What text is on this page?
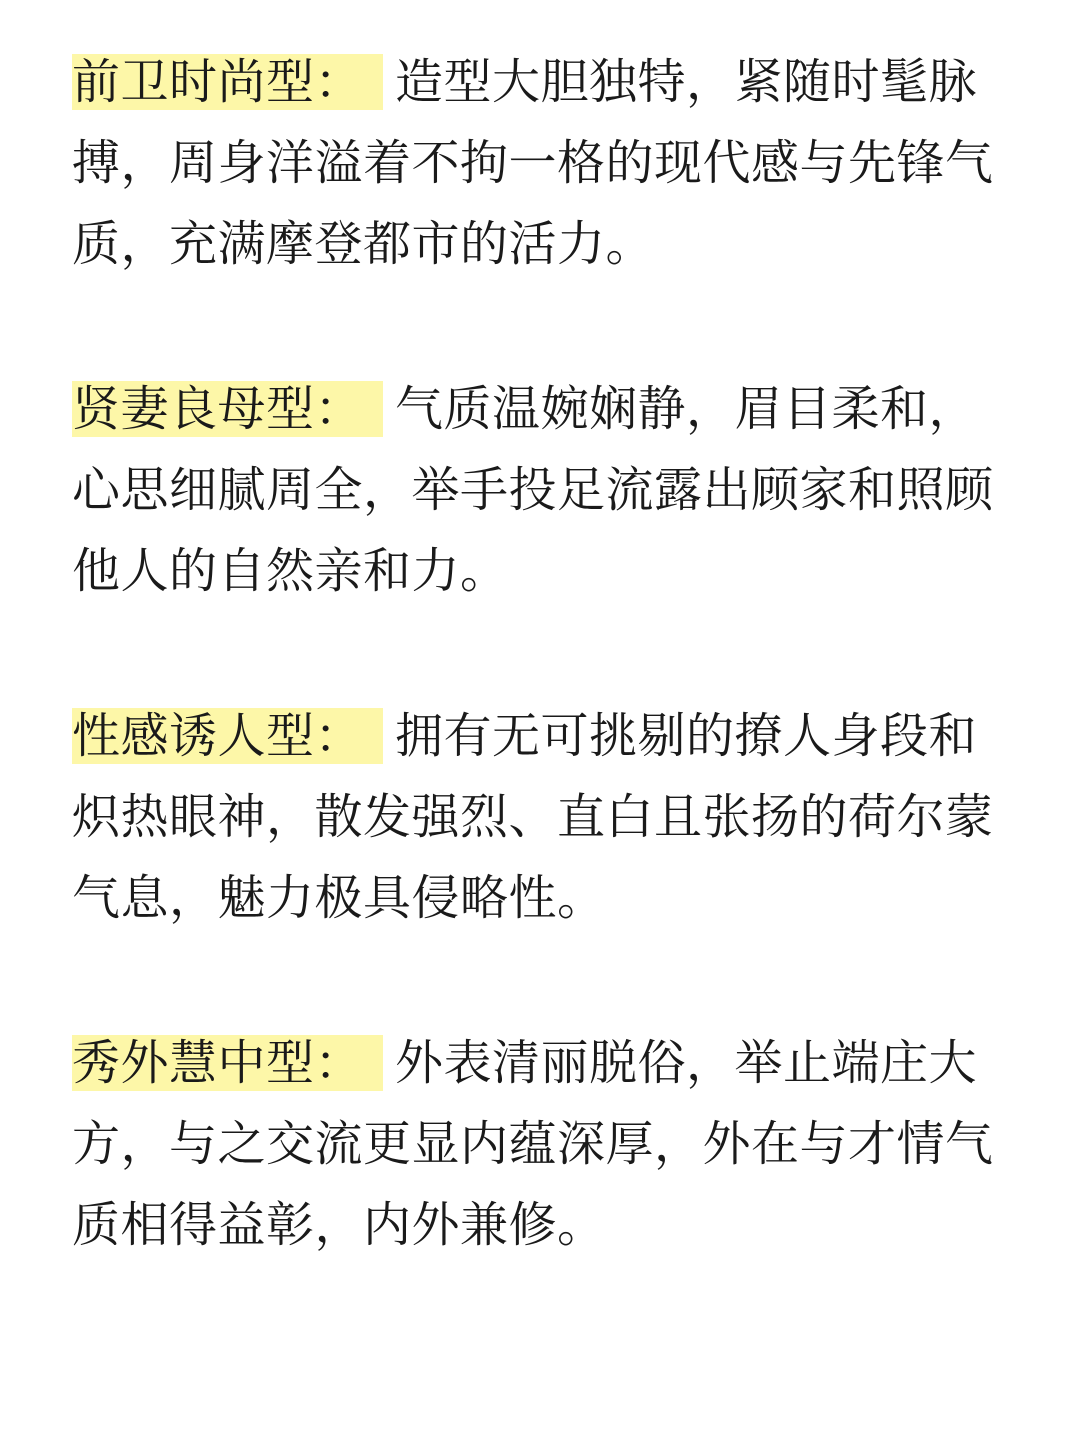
前卫时尚型： 造型大胆独特，紧随时髦脉搏，周身洋溢着不拘一格的现代感与先锋气质，充满摩登都市的活力。

贤妻良母型： 气质温婉娴静，眉目柔和，心思细腻周全，举手投足流露出顾家和照顾他人的自然亲和力。

性感诱人型： 拥有无可挑剔的撩人身段和炽热眼神，散发强烈、直白且张扬的荷尔蒙气息，魅力极具侵略性。

秀外慧中型： 外表清丽脱俗，举止端庄大方，与之交流更显内蕴深厚，外在与才情气质相得益彰，内外兼修。
